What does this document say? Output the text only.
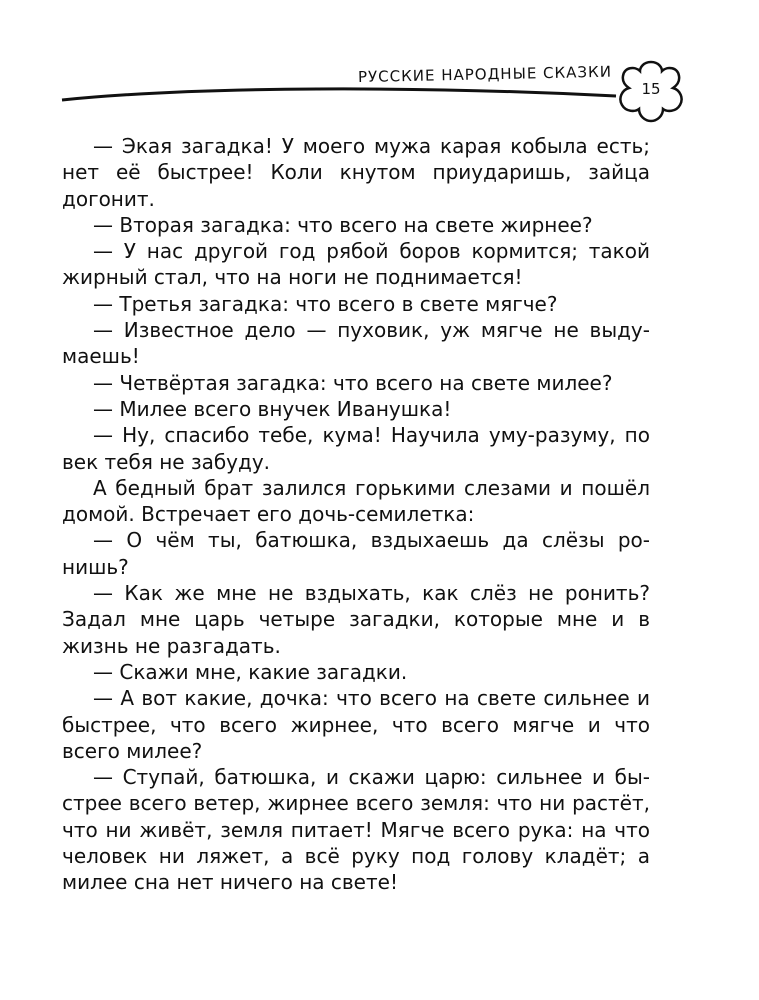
РУССКИЕ НАРОДНЫЕ СКАЗКИ
15

— Экая загадка! У моего мужа карая кобыла есть; нет её быстрее! Коли кнутом приударишь, зайца догонит.

— Вторая загадка: что всего на свете жирнее?

— У нас другой год рябой боров кормится; такой жирный стал, что на ноги не поднимается!

— Третья загадка: что всего в свете мягче?

— Известное дело — пуховик, уж мягче не выдумаешь!

— Четвёртая загадка: что всего на свете милее?

— Милее всего внучек Иванушка!

— Ну, спасибо тебе, кума! Научила уму-разуму, по век тебя не забуду.

А бедный брат залился горькими слезами и пошёл домой. Встречает его дочь-семилетка:

— О чём ты, батюшка, вздыхаешь да слёзы ронишь?

— Как же мне не вздыхать, как слёз не ронить? Задал мне царь четыре загадки, которые мне и в жизнь не разгадать.

— Скажи мне, какие загадки.

— А вот какие, дочка: что всего на свете сильнее и быстрее, что всего жирнее, что всего мягче и что всего милее?

— Ступай, батюшка, и скажи царю: сильнее и быстрее всего ветер, жирнее всего земля: что ни растёт, что ни живёт, земля питает! Мягче всего рука: на что человек ни ляжет, а всё руку под голову кладёт; а милее сна нет ничего на свете!
